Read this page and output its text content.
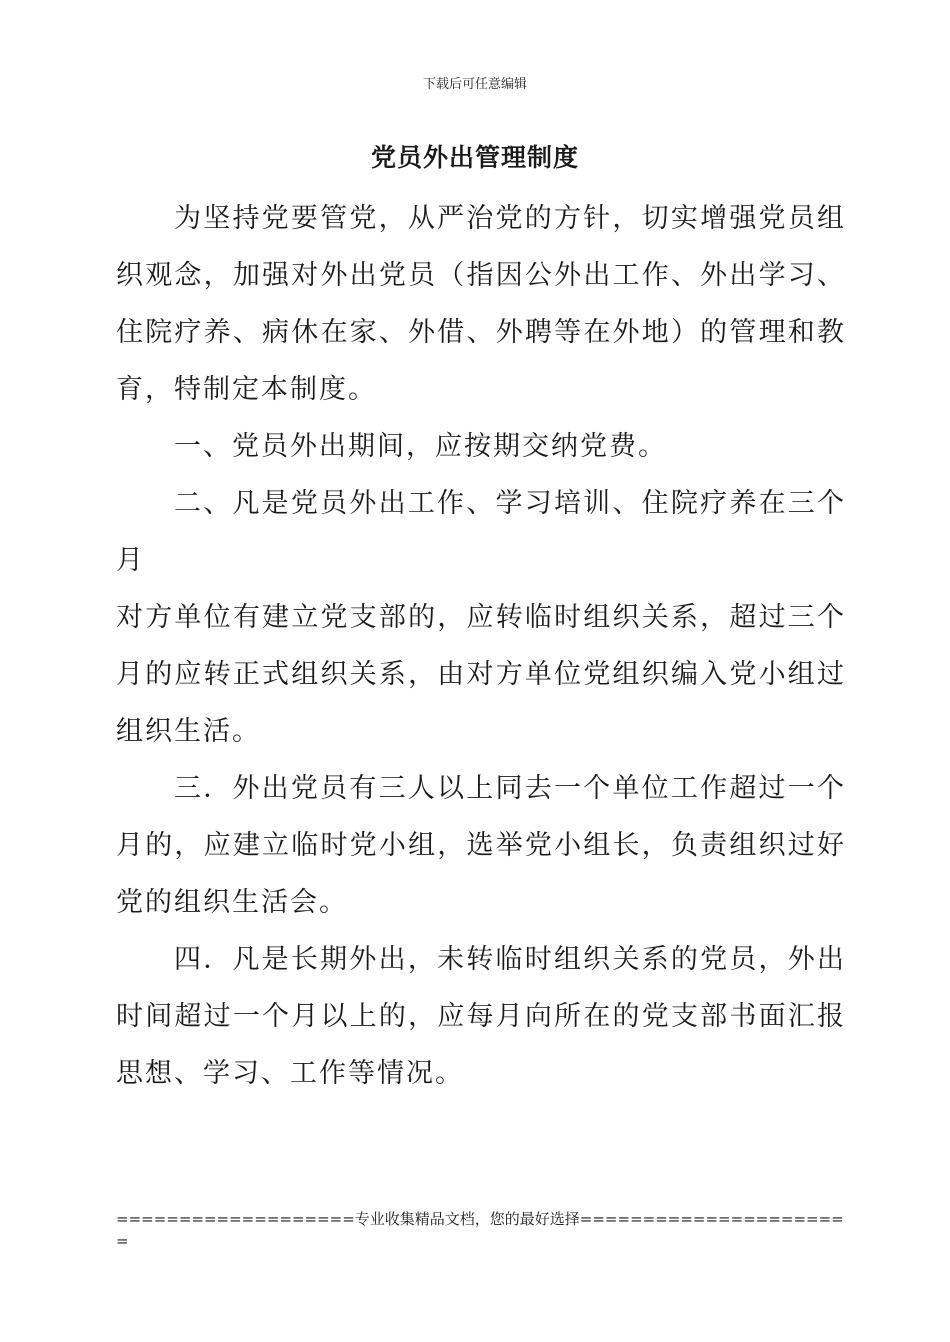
下载后可任意编辑
党员外出管理制度

为坚持党要管党，从严治党的方针，切实增强党员组织观念，加强对外出党员（指因公外出工作、外出学习、住院疗养、病休在家、外借、外聘等在外地）的管理和教育，特制定本制度。

一、党员外出期间，应按期交纳党费。

二、凡是党员外出工作、学习培训、住院疗养在三个月

对方单位有建立党支部的，应转临时组织关系，超过三个月的应转正式组织关系，由对方单位党组织编入党小组过组织生活。

三．外出党员有三人以上同去一个单位工作超过一个月的，应建立临时党小组，选举党小组长，负责组织过好党的组织生活会。

四．凡是长期外出，未转临时组织关系的党员，外出时间超过一个月以上的，应每月向所在的党支部书面汇报思想、学习、工作等情况。

===================专业收集精品文档，您的最好选择======================
